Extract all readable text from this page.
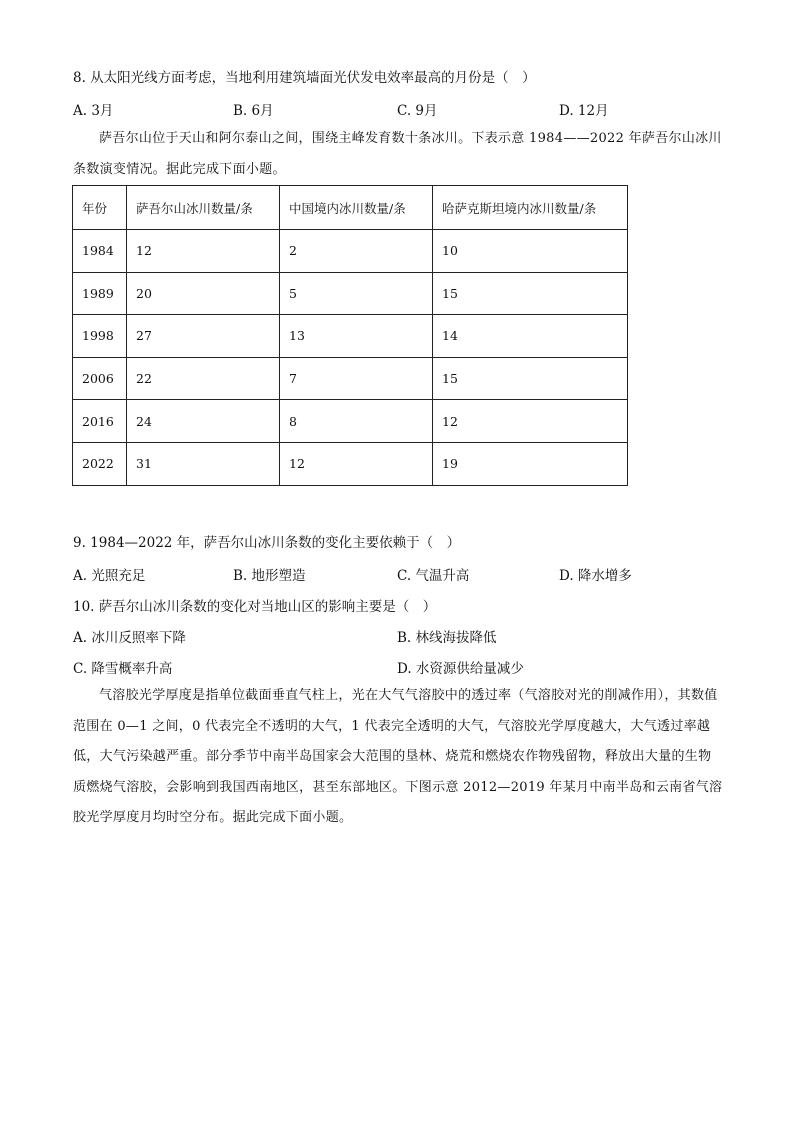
8. 从太阳光线方面考虑，当地利用建筑墙面光伏发电效率最高的月份是（　）
A. 3月	B. 6月	C. 9月	D. 12月
萨吾尔山位于天山和阿尔泰山之间，围绕主峰发育数十条冰川。下表示意 1984——2022 年萨吾尔山冰川条数演变情况。据此完成下面小题。
年份	萨吾尔山冰川数量/条	中国境内冰川数量/条	哈萨克斯坦境内冰川数量/条
1984	12	2	10
1989	20	5	15
1998	27	13	14
2006	22	7	15
2016	24	8	12
2022	31	12	19
9. 1984—2022 年，萨吾尔山冰川条数的变化主要依赖于（　）
A. 光照充足	B. 地形塑造	C. 气温升高	D. 降水增多
10. 萨吾尔山冰川条数的变化对当地山区的影响主要是（　）
A. 冰川反照率下降	B. 林线海拔降低
C. 降雪概率升高	D. 水资源供给量减少
气溶胶光学厚度是指单位截面垂直气柱上，光在大气气溶胶中的透过率（气溶胶对光的削减作用），其数值范围在 0—1 之间，0 代表完全不透明的大气，1 代表完全透明的大气，气溶胶光学厚度越大，大气透过率越低，大气污染越严重。部分季节中南半岛国家会大范围的垦林、烧荒和燃烧农作物残留物，释放出大量的生物质燃烧气溶胶，会影响到我国西南地区，甚至东部地区。下图示意 2012—2019 年某月中南半岛和云南省气溶胶光学厚度月均时空分布。据此完成下面小题。
